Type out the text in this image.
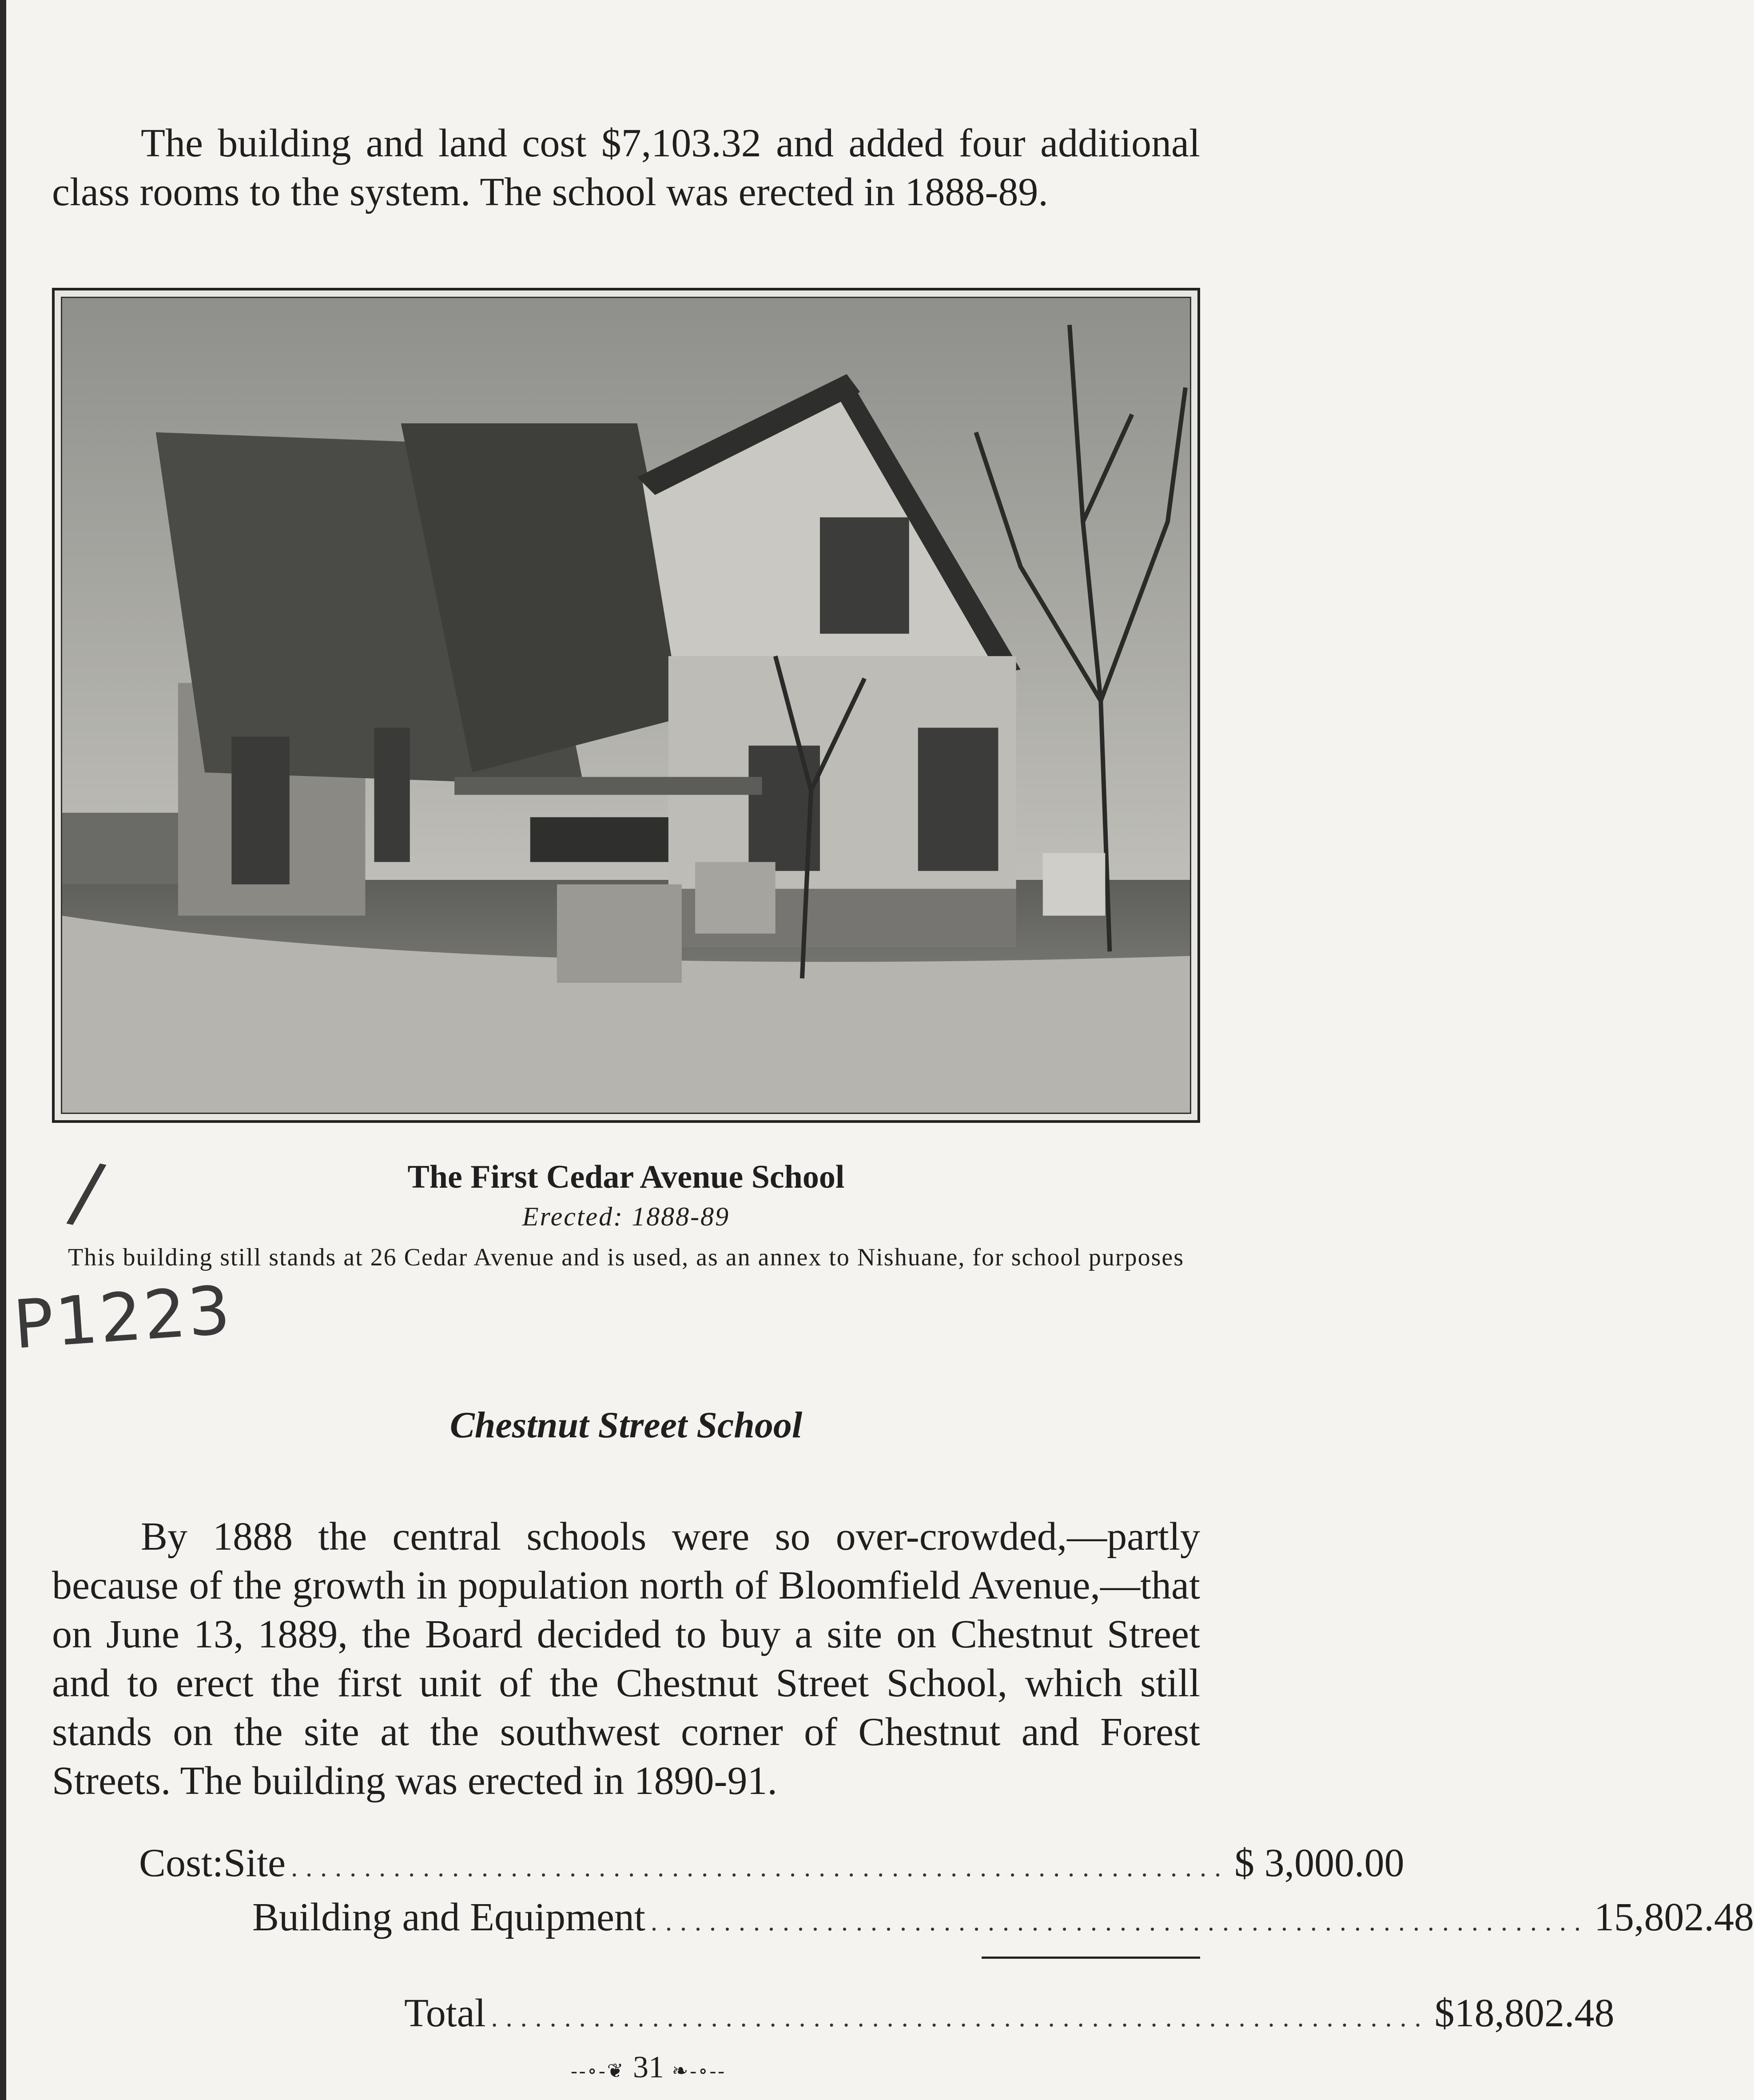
The building and land cost $7,103.32 and added four additional class rooms to the system. The school was erected in 1888-89.

The First Cedar Avenue School
Erected: 1888-89
This building still stands at 26 Cedar Avenue and is used, as an annex to Nishuane, for school purposes
/
P1223
Chestnut Street School

By 1888 the central schools were so over-crowded,—partly because of the growth in population north of Bloomfield Avenue,—that on June 13, 1889, the Board decided to buy a site on Chestnut Street and to erect the first unit of the Chestnut Street School, which still stands on the site at the southwest corner of Chestnut and Forest Streets. The building was erected in 1890-91.

Cost: Site ................................................................ $ 3,000.00
Building and Equipment ................................................................ 15,802.48
Total ................................................................ $18,802.48
--∘-❦ 31 ❧-∘--
